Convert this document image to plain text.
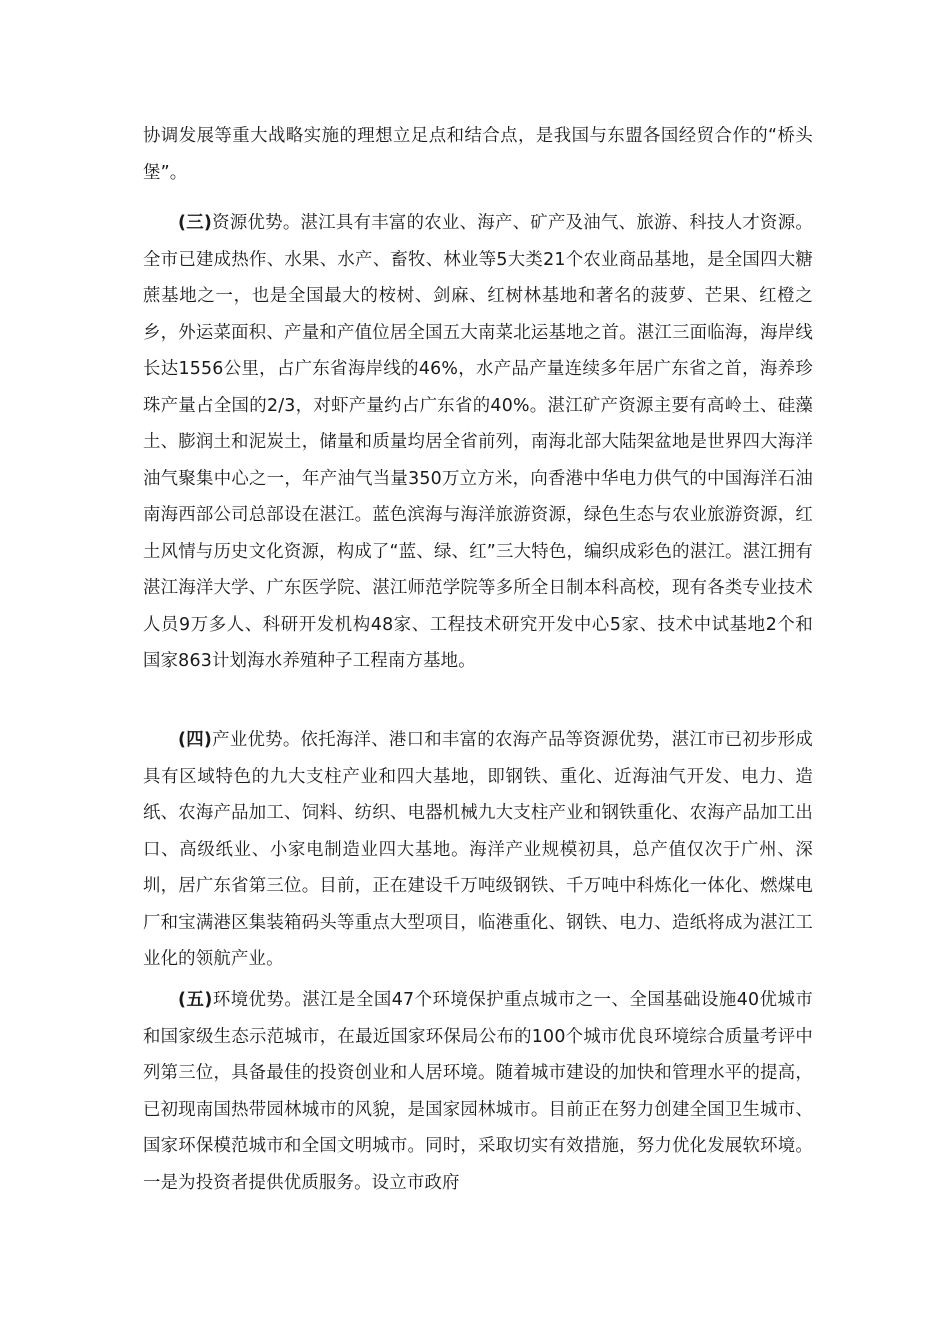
协调发展等重大战略实施的理想立足点和结合点，是我国与东盟各国经贸合作的“桥头堡”。

(三)资源优势。湛江具有丰富的农业、海产、矿产及油气、旅游、科技人才资源。全市已建成热作、水果、水产、畜牧、林业等5大类21个农业商品基地，是全国四大糖蔗基地之一，也是全国最大的桉树、剑麻、红树林基地和著名的菠萝、芒果、红橙之乡，外运菜面积、产量和产值位居全国五大南菜北运基地之首。湛江三面临海，海岸线长达1556公里，占广东省海岸线的46%，水产品产量连续多年居广东省之首，海养珍珠产量占全国的2/3，对虾产量约占广东省的40%。湛江矿产资源主要有高岭土、硅藻土、膨润土和泥炭土，储量和质量均居全省前列，南海北部大陆架盆地是世界四大海洋油气聚集中心之一，年产油气当量350万立方米，向香港中华电力供气的中国海洋石油南海西部公司总部设在湛江。蓝色滨海与海洋旅游资源，绿色生态与农业旅游资源，红土风情与历史文化资源，构成了“蓝、绿、红”三大特色，编织成彩色的湛江。湛江拥有湛江海洋大学、广东医学院、湛江师范学院等多所全日制本科高校，现有各类专业技术人员9万多人、科研开发机构48家、工程技术研究开发中心5家、技术中试基地2个和国家863计划海水养殖种子工程南方基地。

(四)产业优势。依托海洋、港口和丰富的农海产品等资源优势，湛江市已初步形成具有区域特色的九大支柱产业和四大基地，即钢铁、重化、近海油气开发、电力、造纸、农海产品加工、饲料、纺织、电器机械九大支柱产业和钢铁重化、农海产品加工出口、高级纸业、小家电制造业四大基地。海洋产业规模初具，总产值仅次于广州、深圳，居广东省第三位。目前，正在建设千万吨级钢铁、千万吨中科炼化一体化、燃煤电厂和宝满港区集装箱码头等重点大型项目，临港重化、钢铁、电力、造纸将成为湛江工业化的领航产业。

(五)环境优势。湛江是全国47个环境保护重点城市之一、全国基础设施40优城市和国家级生态示范城市，在最近国家环保局公布的100个城市优良环境综合质量考评中列第三位，具备最佳的投资创业和人居环境。随着城市建设的加快和管理水平的提高，已初现南国热带园林城市的风貌，是国家园林城市。目前正在努力创建全国卫生城市、国家环保模范城市和全国文明城市。同时，采取切实有效措施，努力优化发展软环境。一是为投资者提供优质服务。设立市政府
